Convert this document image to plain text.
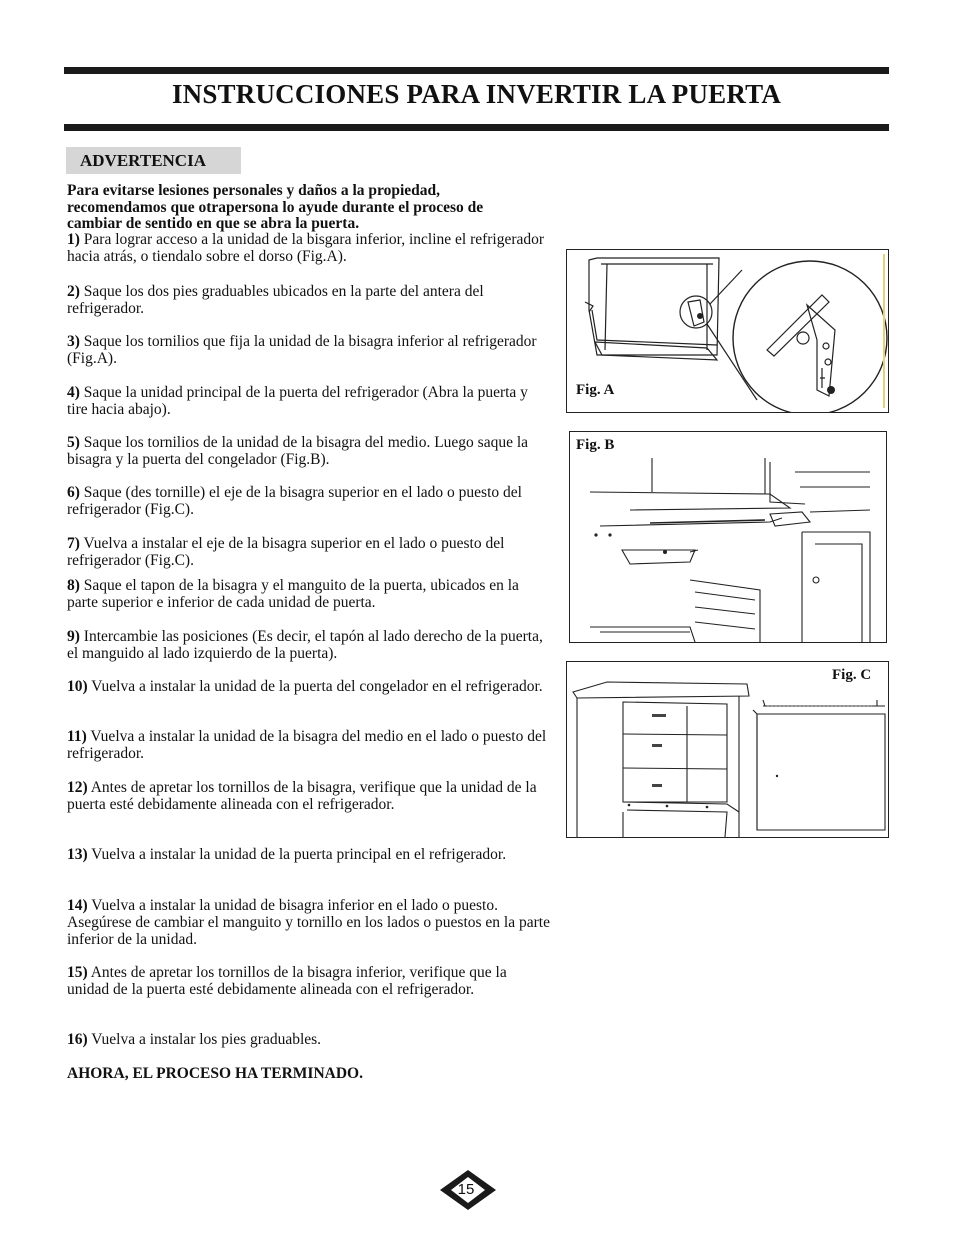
INSTRUCCIONES PARA INVERTIR LA PUERTA
ADVERTENCIA

Para evitarse lesiones personales y daños a la propiedad, recomendamos que otrapersona lo ayude durante el proceso de cambiar de sentido en que se abra la puerta.

1) Para lograr acceso a la unidad de la bisgara inferior, incline el refrigerador hacia atrás, o tiendalo sobre el dorso (Fig.A).

2) Saque los dos pies graduables ubicados en la parte del antera del refrigerador.

3) Saque los tornilios que fija la unidad de la bisagra inferior al refrigerador (Fig.A).

4) Saque la unidad principal de la puerta del refrigerador (Abra la puerta y tire hacia abajo).

5) Saque los tornilios de la unidad de la bisagra del medio. Luego saque la bisagra y la puerta del congelador (Fig.B).

6) Saque (des tornille) el eje de la bisagra superior en el lado o puesto del refrigerador (Fig.C).

7) Vuelva a instalar el eje de la bisagra superior en el lado o puesto del refrigerador (Fig.C).

8) Saque el tapon de la bisagra y el manguito de la puerta, ubicados en la parte superior e inferior de cada unidad de puerta.

9) Intercambie las posiciones (Es decir, el tapón al lado derecho de la puerta, el manguido al lado izquierdo de la puerta).

10) Vuelva a instalar la unidad de la puerta del congelador en el refrigerador.

11) Vuelva a instalar la unidad de la bisagra del medio en el lado o puesto del refrigerador.

12) Antes de apretar los tornillos de la bisagra, verifique que la unidad de la puerta esté debidamente alineada con el refrigerador.

13) Vuelva a instalar la unidad de la puerta principal en el refrigerador.

14) Vuelva a instalar la unidad de bisagra inferior en el lado o puesto. Asegúrese de cambiar el manguito y tornillo en los lados o puestos en la parte inferior de la unidad.

15) Antes de apretar los tornillos de la bisagra inferior, verifique que la unidad de la puerta esté debidamente alineada con el refrigerador.

16) Vuelva a instalar los pies graduables.

AHORA, EL PROCESO HA TERMINADO.

Fig. A
Fig. B
Fig. C
15
